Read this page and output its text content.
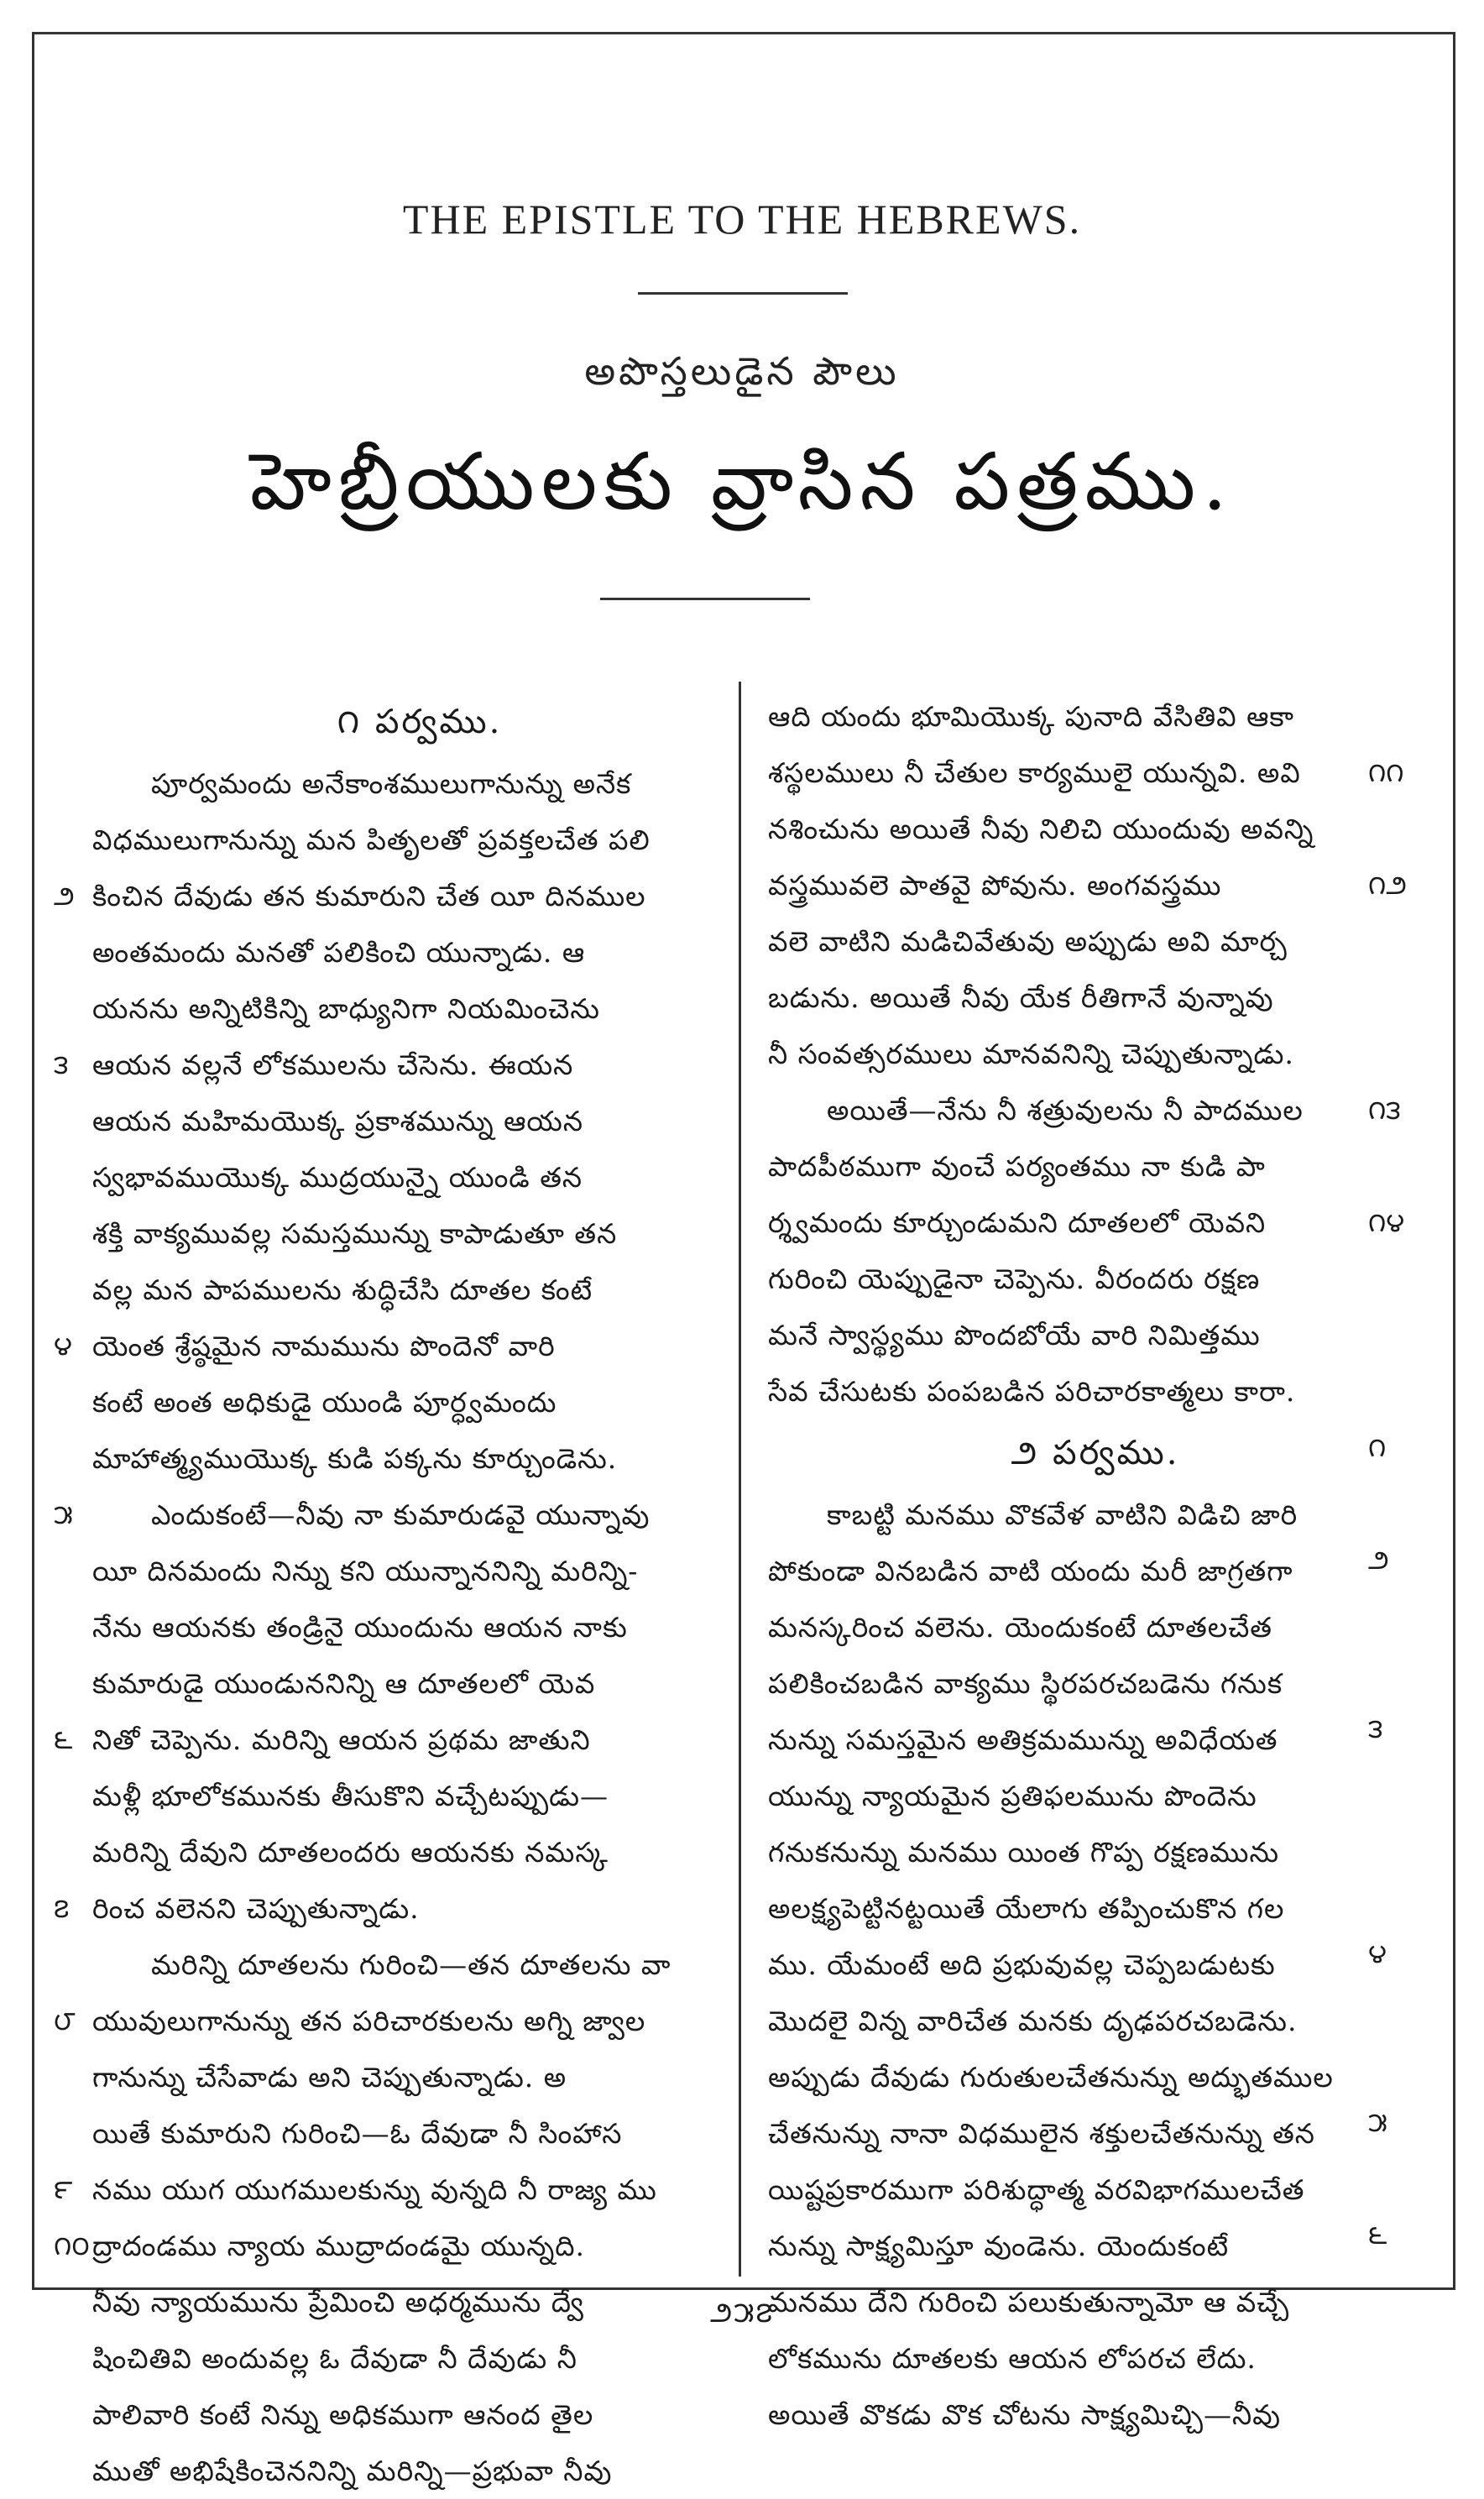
THE EPISTLE TO THE HEBREWS.
అపొస్తలుడైన పౌలు
హెబ్రీయులకు వ్రాసిన పత్రము.
౧ పర్వము.
పూర్వమందు అనేకాంశములుగానున్ను అనేక
విధములుగానున్ను మన పితృలతో ప్రవక్తలచేత పలి
కించిన దేవుడు తన కుమారుని చేత యీ దినముల
అంతమందు మనతో పలికించి యున్నాడు. ఆ
యనను అన్నిటికిన్ని బాధ్యునిగా నియమించెను
ఆయన వల్లనే లోకములను చేసెను. ఈయన
ఆయన మహిమయొక్క ప్రకాశమున్ను ఆయన
స్వభావముయొక్క ముద్రయున్నై యుండి తన
శక్తి వాక్యమువల్ల సమస్తమున్ను కాపాడుతూ తన
వల్ల మన పాపములను శుద్ధిచేసి దూతల కంటే
యెంత శ్రేష్ఠమైన నామమును పొందెనో వారి
కంటే అంత అధికుడై యుండి పూర్ధ్వమందు
మాహాత్మ్యముయొక్క కుడి పక్కను కూర్చుండెను.
ఎందుకంటే—నీవు నా కుమారుడవై యున్నావు
యీ దినమందు నిన్ను కని యున్నాననిన్ని మరిన్ని-
నేను ఆయనకు తండ్రినై యుందును ఆయన నాకు
కుమారుడై యుండుననిన్ని ఆ దూతలలో యెవ
నితో చెప్పెను. మరిన్ని ఆయన ప్రథమ జాతుని
మళ్లీ భూలోకమునకు తీసుకొని వచ్చేటప్పుడు—
మరిన్ని దేవుని దూతలందరు ఆయనకు నమస్క
రించ వలెనని చెప్పుతున్నాడు.
మరిన్ని దూతలను గురించి—తన దూతలను వా
యువులుగానున్ను తన పరిచారకులను అగ్ని జ్వాల
గానున్ను చేసేవాడు అని చెప్పుతున్నాడు. అ
యితే కుమారుని గురించి—ఓ దేవుడా నీ సింహాస
నము యుగ యుగములకున్ను వున్నది నీ రాజ్య ము
ద్రాదండము న్యాయ ముద్రాదండమై యున్నది.
నీవు న్యాయమును ప్రేమించి అధర్మమును ద్వే
షించితివి అందువల్ల ఓ దేవుడా నీ దేవుడు నీ
పాలివారి కంటే నిన్ను అధికముగా ఆనంద తైల
ముతో అభిషేకించెననిన్ని మరిన్ని—ప్రభువా నీవు
౨
౩
౪
౫
౬
౭
౮
౯
౧౦
ఆది యందు భూమియొక్క పునాది వేసితివి ఆకా
శస్థలములు నీ చేతుల కార్యములై యున్నవి. అవి
నశించును అయితే నీవు నిలిచి యుందువు అవన్ని
వస్త్రమువలె పాతవై పోవును. అంగవస్త్రము
వలె వాటిని మడిచివేతువు అప్పుడు అవి మార్చ
బడును. అయితే నీవు యేక రీతిగానే వున్నావు
నీ సంవత్సరములు మానవనిన్ని చెప్పుతున్నాడు.
అయితే—నేను నీ శత్రువులను నీ పాదముల
పాదపీఠముగా వుంచే పర్యంతము నా కుడి పా
ర్శ్వమందు కూర్చుండుమని దూతలలో యెవని
గురించి యెప్పుడైనా చెప్పెను. వీరందరు రక్షణ
మనే స్వాస్థ్యము పొందబోయే వారి నిమిత్తము
సేవ చేసుటకు పంపబడిన పరిచారకాత్మలు కారా.
౨ పర్వము.
కాబట్టి మనము వొకవేళ వాటిని విడిచి జారి
పోకుండా వినబడిన వాటి యందు మరీ జాగ్రతగా
మనస్కరించ వలెను. యెందుకంటే దూతలచేత
పలికించబడిన వాక్యము స్థిరపరచబడెను గనుక
నున్ను సమస్తమైన అతిక్రమమున్ను అవిధేయత
యున్ను న్యాయమైన ప్రతిఫలమును పొందెను
గనుకనున్ను మనము యింత గొప్ప రక్షణమును
అలక్ష్యపెట్టినట్టయితే యేలాగు తప్పించుకొన గల
ము. యేమంటే అది ప్రభువువల్ల చెప్పబడుటకు
మొదలై విన్న వారిచేత మనకు దృఢపరచబడెను.
అప్పుడు దేవుడు గురుతులచేతనున్ను అద్భుతముల
చేతనున్ను నానా విధములైన శక్తులచేతనున్ను తన
యిష్టప్రకారముగా పరిశుద్ధాత్మ వరవిభాగములచేత
నున్ను సాక్ష్యమిస్తూ వుండెను. యెందుకంటే
మనము దేని గురించి పలుకుతున్నామో ఆ వచ్చే
లోకమును దూతలకు ఆయన లోపరచ లేదు.
అయితే వొకడు వొక చోటను సాక్ష్యమిచ్చి—నీవు
౧౧
౧౨
౧౩
౧౪
౧
౨
౩
౪
౫
౬
౨౫౭
